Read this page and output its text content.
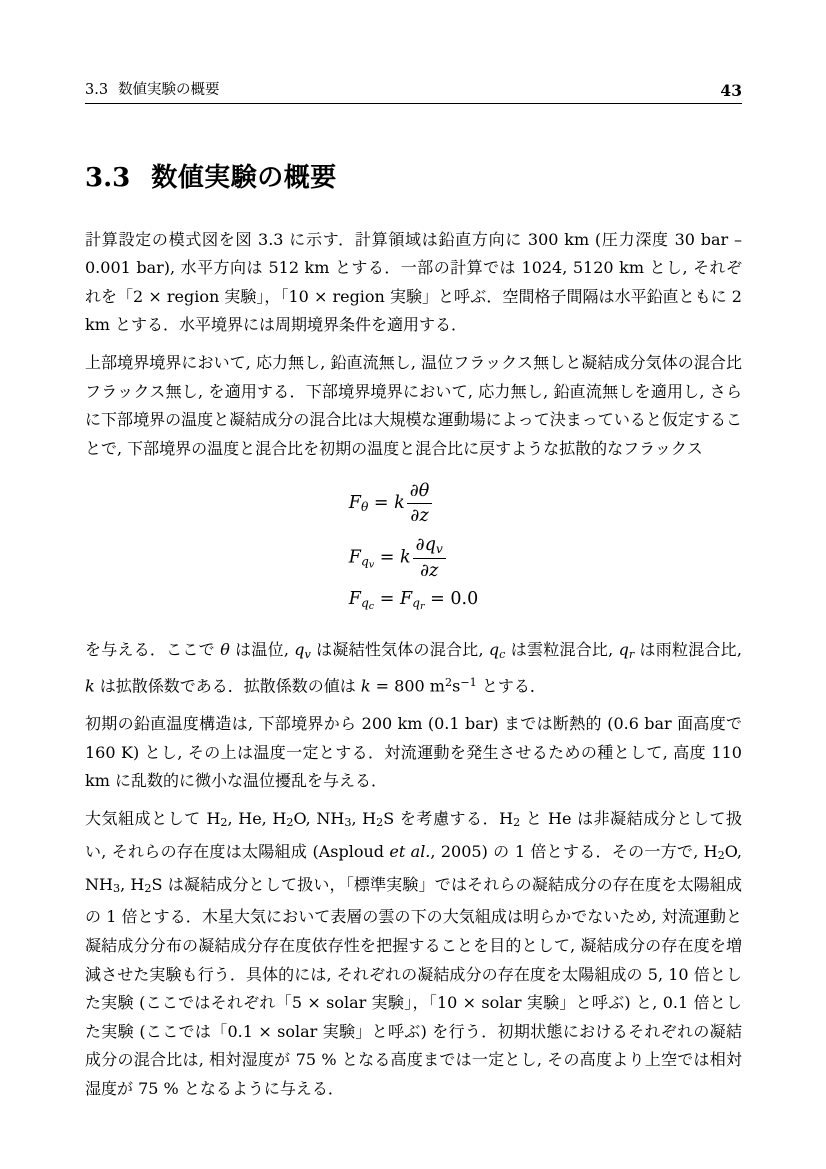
3.3 数値実験の概要	43
3.3 数値実験の概要

計算設定の模式図を図 3.3 に示す．計算領域は鉛直方向に 300 km (圧力深度 30 bar – 0.001 bar), 水平方向は 512 km とする．一部の計算では 1024, 5120 km とし, それぞれを「2 × region 実験」，「10 × region 実験」と呼ぶ．空間格子間隔は水平鉛直ともに 2 km とする．水平境界には周期境界条件を適用する．

上部境界境界において, 応力無し, 鉛直流無し, 温位フラックス無しと凝結成分気体の混合比フラックス無し, を適用する．下部境界境界において, 応力無し, 鉛直流無しを適用し, さらに下部境界の温度と凝結成分の混合比は大規模な運動場によって決まっていると仮定することで, 下部境界の温度と混合比を初期の温度と混合比に戻すような拡散的なフラックス

Fθ = k $\frac{\partial\theta}{\partial z}$
$Fq_v = k \frac{\partial qv}{\partial z}$
$Fq_c = Fq_r = 0.0$

を与える．ここで θ は温位, qv は凝結性気体の混合比, qc は雲粒混合比, qr は雨粒混合比, k は拡散係数である．拡散係数の値は k = 800 $m^2s^{-1}$ とする．

初期の鉛直温度構造は, 下部境界から 200 km (0.1 bar) までは断熱的 (0.6 bar 面高度で 160 K) とし, その上は温度一定とする．対流運動を発生させるための種として, 高度 110 km に乱数的に微小な温位擾乱を与える．

大気組成として $H_2$, He, $H_2O$, $NH_3$, $H_2S$ を考慮する．$H_2$ と He は非凝結成分として扱い, それらの存在度は太陽組成 (Asploud et al., 2005) の 1 倍とする．その一方で, $H_2O$, $NH_3$, $H_2S$ は凝結成分として扱い，「標準実験」ではそれらの凝結成分の存在度を太陽組成の 1 倍とする．木星大気において表層の雲の下の大気組成は明らかでないため, 対流運動と凝結成分分布の凝結成分存在度依存性を把握することを目的として, 凝結成分の存在度を増減させた実験も行う．具体的には, それぞれの凝結成分の存在度を太陽組成の 5, 10 倍とした実験 (ここではそれぞれ「5 × solar 実験」，「10 × solar 実験」と呼ぶ) と, 0.1 倍とした実験 (ここでは「0.1 × solar 実験」と呼ぶ) を行う．初期状態におけるそれぞれの凝結成分の混合比は, 相対湿度が 75 % となる高度までは一定とし, その高度より上空では相対湿度が 75 % となるように与える．
